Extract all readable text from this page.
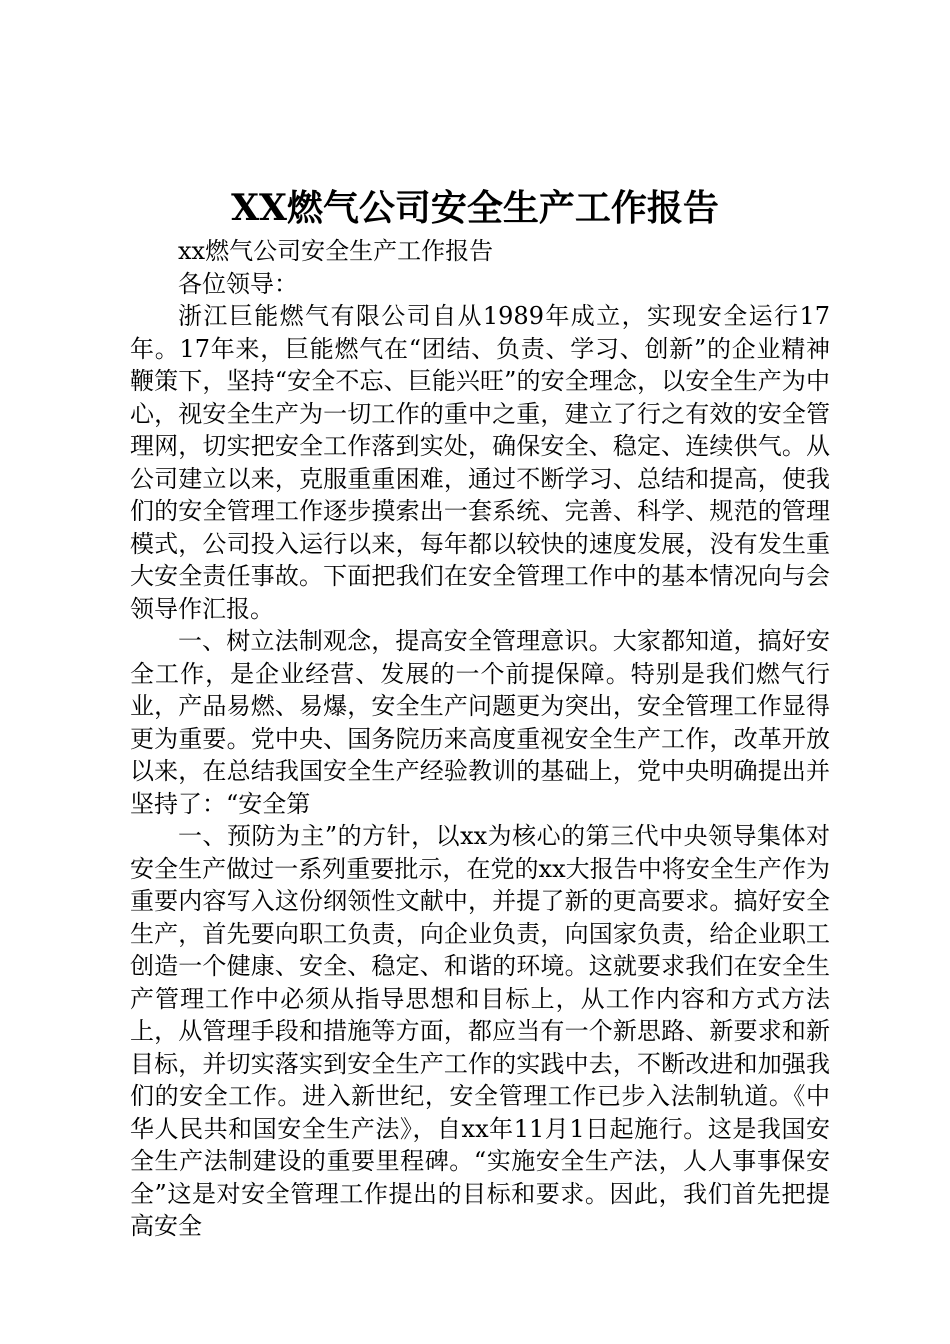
XX燃气公司安全生产工作报告

xx燃气公司安全生产工作报告

各位领导：

浙江巨能燃气有限公司自从1989年成立，实现安全运行17年。17年来，巨能燃气在“团结、负责、学习、创新”的企业精神鞭策下，坚持“安全不忘、巨能兴旺”的安全理念，以安全生产为中心，视安全生产为一切工作的重中之重，建立了行之有效的安全管理网，切实把安全工作落到实处，确保安全、稳定、连续供气。从公司建立以来，克服重重困难，通过不断学习、总结和提高，使我们的安全管理工作逐步摸索出一套系统、完善、科学、规范的管理模式，公司投入运行以来，每年都以较快的速度发展，没有发生重大安全责任事故。下面把我们在安全管理工作中的基本情况向与会领导作汇报。

一、树立法制观念，提高安全管理意识。大家都知道，搞好安全工作，是企业经营、发展的一个前提保障。特别是我们燃气行业，产品易燃、易爆，安全生产问题更为突出，安全管理工作显得更为重要。党中央、国务院历来高度重视安全生产工作，改革开放以来，在总结我国安全生产经验教训的基础上，党中央明确提出并坚持了：“安全第

一、预防为主”的方针，以xx为核心的第三代中央领导集体对安全生产做过一系列重要批示，在党的xx大报告中将安全生产作为重要内容写入这份纲领性文献中，并提了新的更高要求。搞好安全生产，首先要向职工负责，向企业负责，向国家负责，给企业职工创造一个健康、安全、稳定、和谐的环境。这就要求我们在安全生产管理工作中必须从指导思想和目标上，从工作内容和方式方法上，从管理手段和措施等方面，都应当有一个新思路、新要求和新目标，并切实落实到安全生产工作的实践中去，不断改进和加强我们的安全工作。进入新世纪，安全管理工作已步入法制轨道。《中华人民共和国安全生产法》，自xx年11月1日起施行。这是我国安全生产法制建设的重要里程碑。“实施安全生产法，人人事事保安全”这是对安全管理工作提出的目标和要求。因此，我们首先把提高安全
